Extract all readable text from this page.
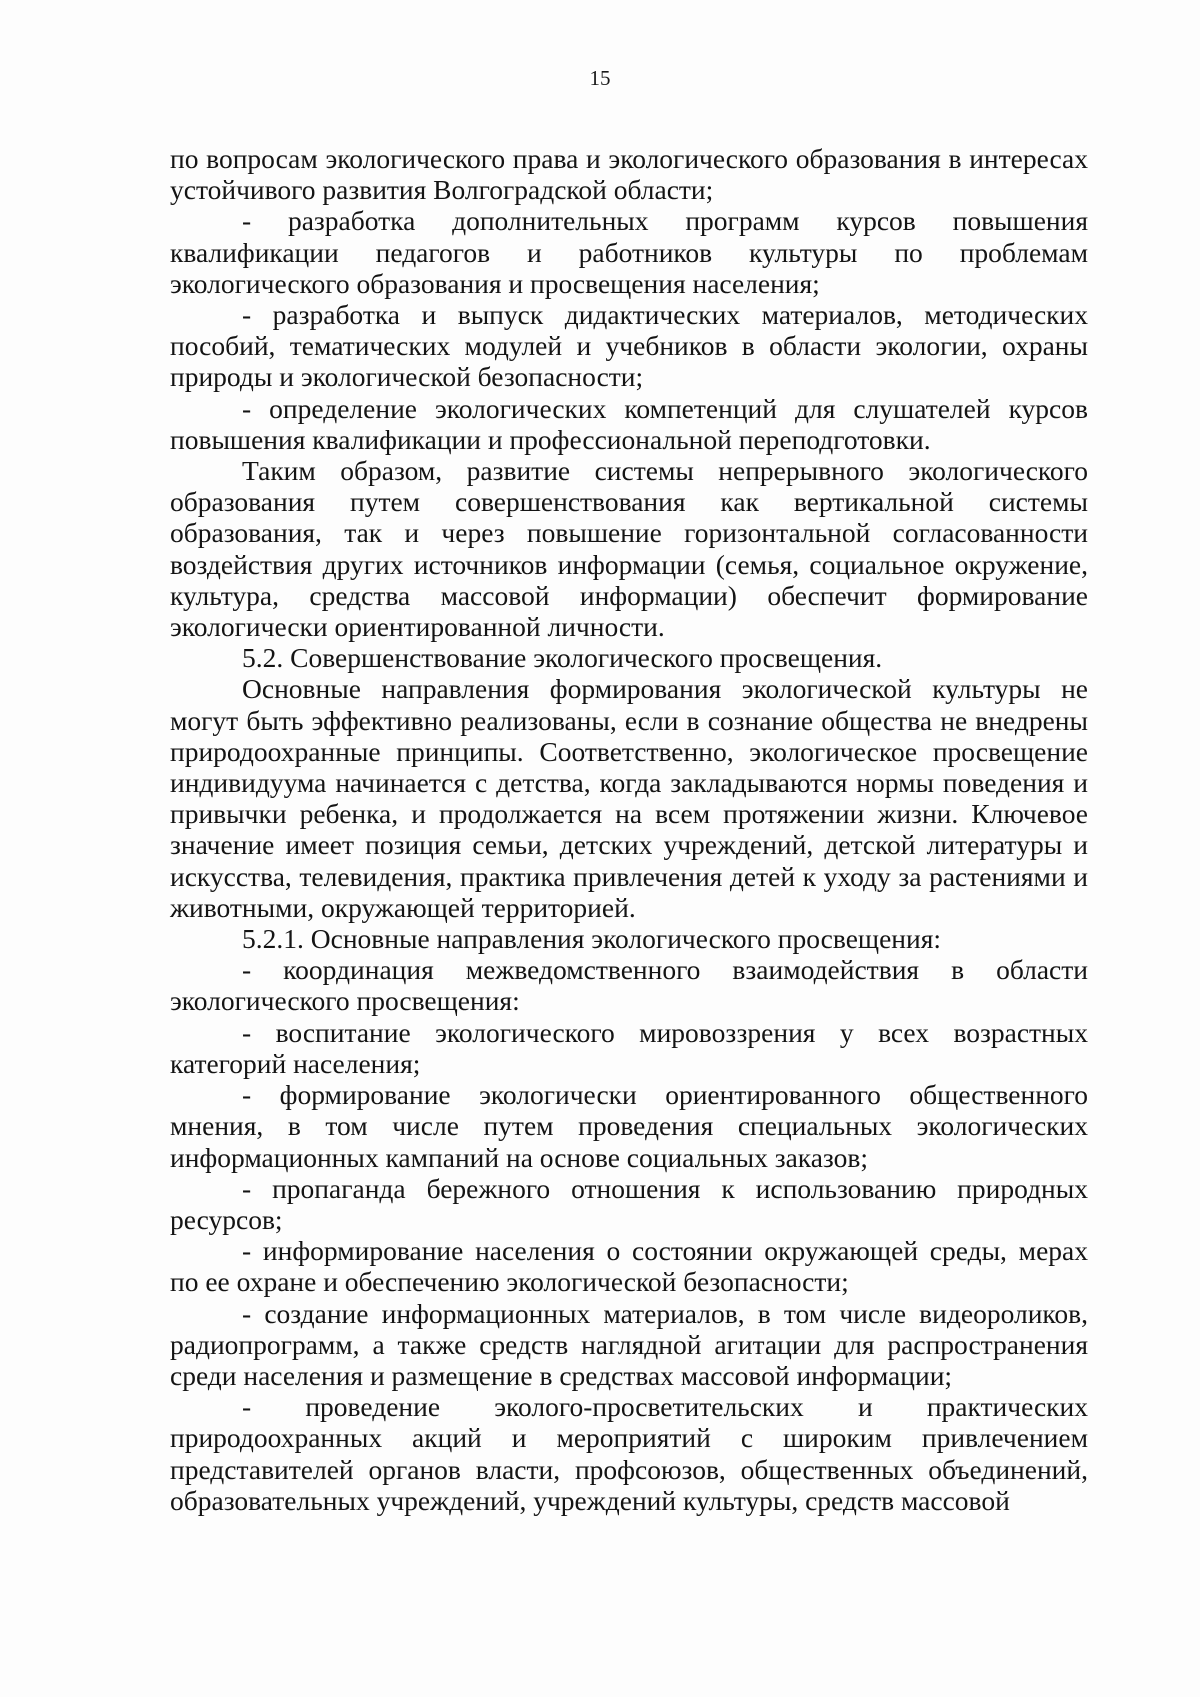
15

по вопросам экологического права и экологического образования в интересах устойчивого развития Волгоградской области;

- разработка дополнительных программ курсов повышения квалификации педагогов и работников культуры по проблемам экологического образования и просвещения населения;

- разработка и выпуск дидактических материалов, методических пособий, тематических модулей и учебников в области экологии, охраны природы и экологической безопасности;

- определение экологических компетенций для слушателей курсов повышения квалификации и профессиональной переподготовки.

Таким образом, развитие системы непрерывного экологического образования путем совершенствования как вертикальной системы образования, так и через повышение горизонтальной согласованности воздействия других источников информации (семья, социальное окружение, культура, средства массовой информации) обеспечит формирование экологически ориентированной личности.

5.2. Совершенствование экологического просвещения.

Основные направления формирования экологической культуры не могут быть эффективно реализованы, если в сознание общества не внедрены природоохранные принципы. Соответственно, экологическое просвещение индивидуума начинается с детства, когда закладываются нормы поведения и привычки ребенка, и продолжается на всем протяжении жизни. Ключевое значение имеет позиция семьи, детских учреждений, детской литературы и искусства, телевидения, практика привлечения детей к уходу за растениями и животными, окружающей территорией.

5.2.1. Основные направления экологического просвещения:

- координация межведомственного взаимодействия в области экологического просвещения:

- воспитание экологического мировоззрения у всех возрастных категорий населения;

- формирование экологически ориентированного общественного мнения, в том числе путем проведения специальных экологических информационных кампаний на основе социальных заказов;

- пропаганда бережного отношения к использованию природных ресурсов;

- информирование населения о состоянии окружающей среды, мерах по ее охране и обеспечению экологической безопасности;

- создание информационных материалов, в том числе видеороликов, радиопрограмм, а также средств наглядной агитации для распространения среди населения и размещение в средствах массовой информации;

- проведение эколого-просветительских и практических природоохранных акций и мероприятий с широким привлечением представителей органов власти, профсоюзов, общественных объединений, образовательных учреждений, учреждений культуры, средств массовой
